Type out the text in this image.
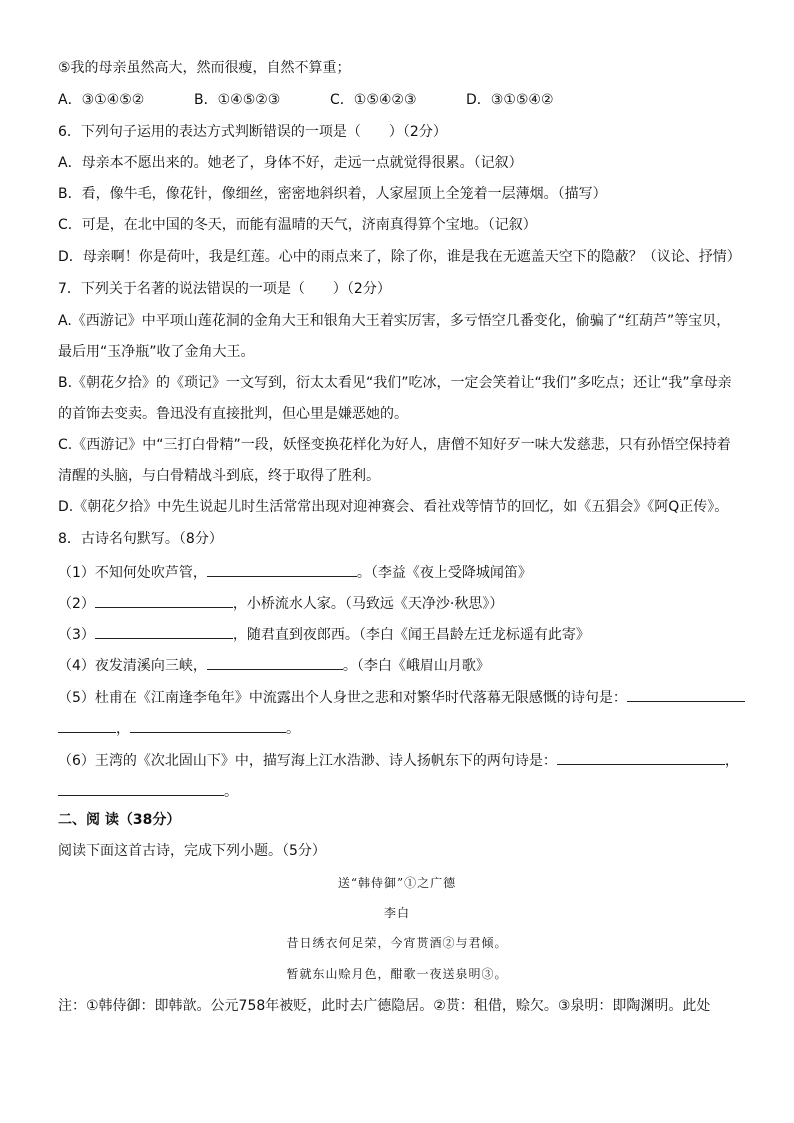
⑤我的母亲虽然高大，然而很瘦，自然不算重；
A．③①④⑤②	B．①④⑤②③	C．①⑤④②③	D．③①⑤④②
6．下列句子运用的表达方式判断错误的一项是（　　）（2分）
A．母亲本不愿出来的。她老了，身体不好，走远一点就觉得很累。（记叙）
B．看，像牛毛，像花针，像细丝，密密地斜织着，人家屋顶上全笼着一层薄烟。（描写）
C．可是，在北中国的冬天，而能有温晴的天气，济南真得算个宝地。（记叙）
D．母亲啊！你是荷叶，我是红莲。心中的雨点来了，除了你，谁是我在无遮盖天空下的隐蔽？（议论、抒情）
7．下列关于名著的说法错误的一项是（　　）（2分）
A.《西游记》中平项山莲花洞的金角大王和银角大王着实厉害，多亏悟空几番变化，偷骗了“红葫芦”等宝贝，
最后用“玉净瓶”收了金角大王。
B.《朝花夕拾》的《琐记》一文写到，衍太太看见“我们”吃冰，一定会笑着让“我们”多吃点；还让“我”拿母亲
的首饰去变卖。鲁迅没有直接批判，但心里是嫌恶她的。
C.《西游记》中“三打白骨精”一段，妖怪变换花样化为好人，唐僧不知好歹一味大发慈悲，只有孙悟空保持着
清醒的头脑，与白骨精战斗到底，终于取得了胜利。
D.《朝花夕拾》中先生说起儿时生活常常出现对迎神赛会、看社戏等情节的回忆，如《五猖会》《阿Q正传》。
8．古诗名句默写。（8分）
（1）不知何处吹芦管，	。（李益《夜上受降城闻笛》
（2）	，小桥流水人家。（马致远《天净沙·秋思》）
（3）	，随君直到夜郎西。（李白《闻王昌龄左迁龙标遥有此寄》
（4）夜发清溪向三峡，	。（李白《峨眉山月歌》
（5）杜甫在《江南逢李龟年》中流露出个人身世之悲和对繁华时代落幕无限感慨的诗句是：
，	。
（6）王湾的《次北固山下》中，描写海上江水浩渺、诗人扬帆东下的两句诗是：	，
。
二、阅 读（38分）
阅读下面这首古诗，完成下列小题。（5分）
送“韩侍御”①之广德
李白
昔日绣衣何足荣，今宵贳酒②与君倾。
暂就东山赊月色，酣歌一夜送泉明③。
注：①韩侍御：即韩歆。公元758年被贬，此时去广德隐居。②贳：租借，赊欠。③泉明：即陶渊明。此处
